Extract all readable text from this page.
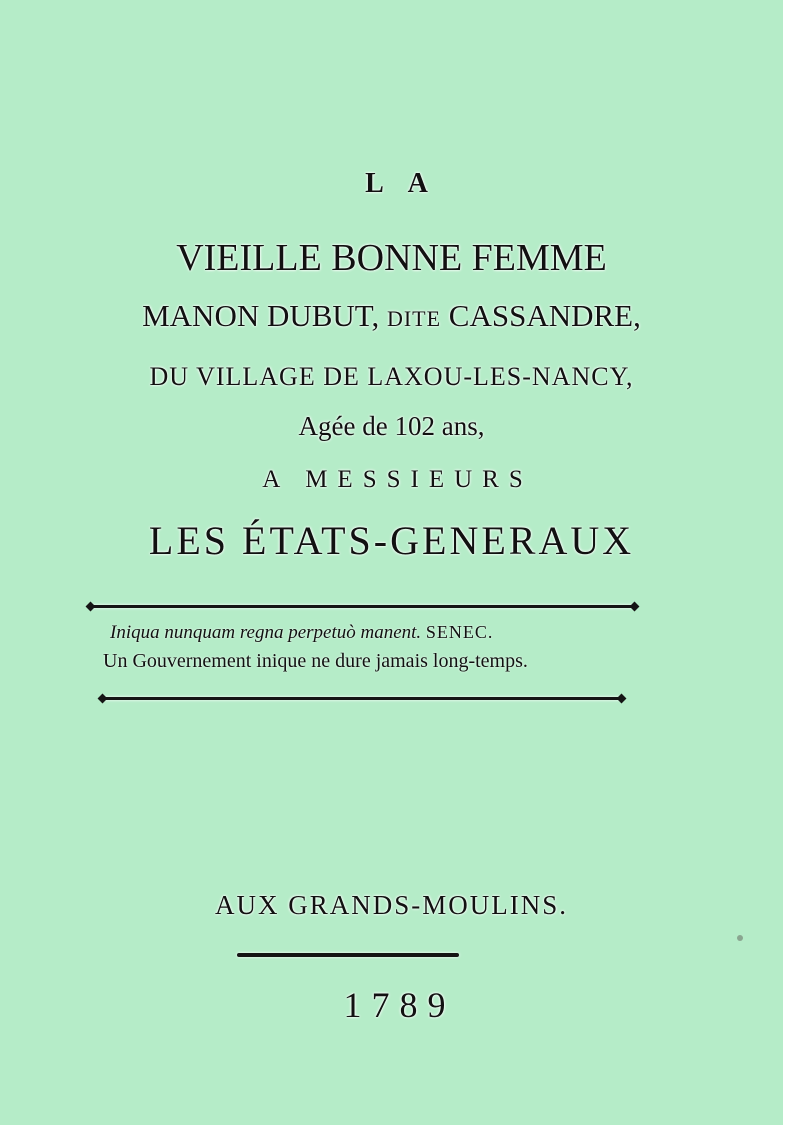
L A
VIEILLE BONNE FEMME
MANON DUBUT, DITE CASSANDRE,
DU VILLAGE DE LAXOU-LES-NANCY,
Agée de 102 ans,
A MESSIEURS
LES ÉTATS-GENERAUX
Iniqua nunquam regna perpetuò manent. SENEC.
Un Gouvernement inique ne dure jamais long-temps.
AUX GRANDS-MOULINS.
1789
